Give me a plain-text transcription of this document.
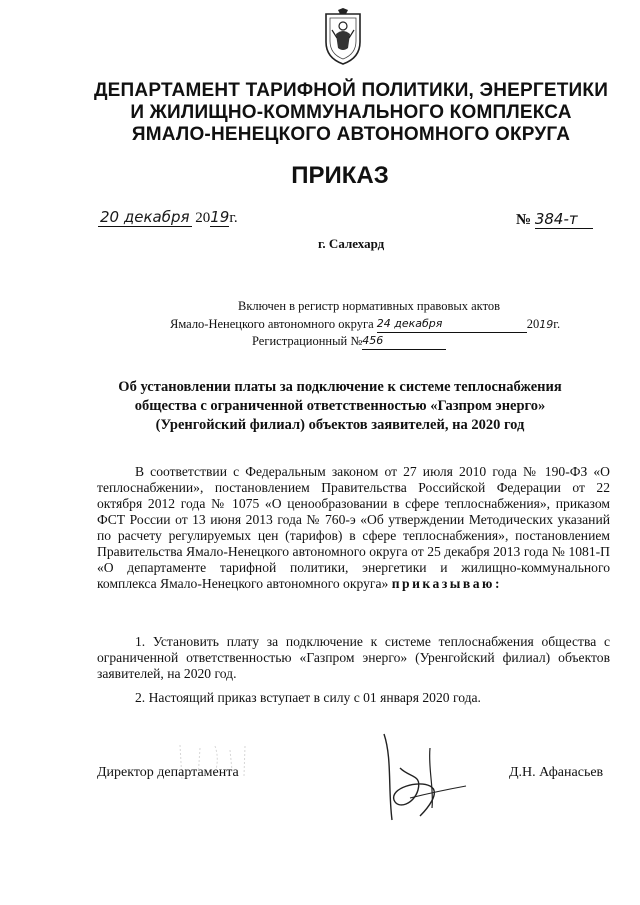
ДЕПАРТАМЕНТ ТАРИФНОЙ ПОЛИТИКИ, ЭНЕРГЕТИКИ
И ЖИЛИЩНО-КОММУНАЛЬНОГО КОМПЛЕКСА
ЯМАЛО-НЕНЕЦКОГО АВТОНОМНОГО ОКРУГА
ПРИКАЗ
20 декабря 2019г.	№ 384-т
г. Салехард
Включен в регистр нормативных правовых актов
Ямало-Ненецкого автономного округа 24 декабря	2019г.
Регистрационный №456
Об установлении платы за подключение к системе теплоснабжения
общества с ограниченной ответственностью «Газпром энерго»
(Уренгойский филиал) объектов заявителей, на 2020 год
В соответствии с Федеральным законом от 27 июля 2010 года № 190-ФЗ «О теплоснабжении», постановлением Правительства Российской Федерации от 22 октября 2012 года № 1075 «О ценообразовании в сфере теплоснабжения», приказом ФСТ России от 13 июня 2013 года № 760-э «Об утверждении Методических указаний по расчету регулируемых цен (тарифов) в сфере теплоснабжения», постановлением Правительства Ямало-Ненецкого автономного округа от 25 декабря 2013 года № 1081-П «О департаменте тарифной политики, энергетики и жилищно-коммунального комплекса Ямало-Ненецкого автономного округа» приказываю:
1. Установить плату за подключение к системе теплоснабжения общества с ограниченной ответственностью «Газпром энерго» (Уренгойский филиал) объектов заявителей, на 2020 год.
2. Настоящий приказ вступает в силу с 01 января 2020 года.
Директор департамента	Д.Н. Афанасьев
